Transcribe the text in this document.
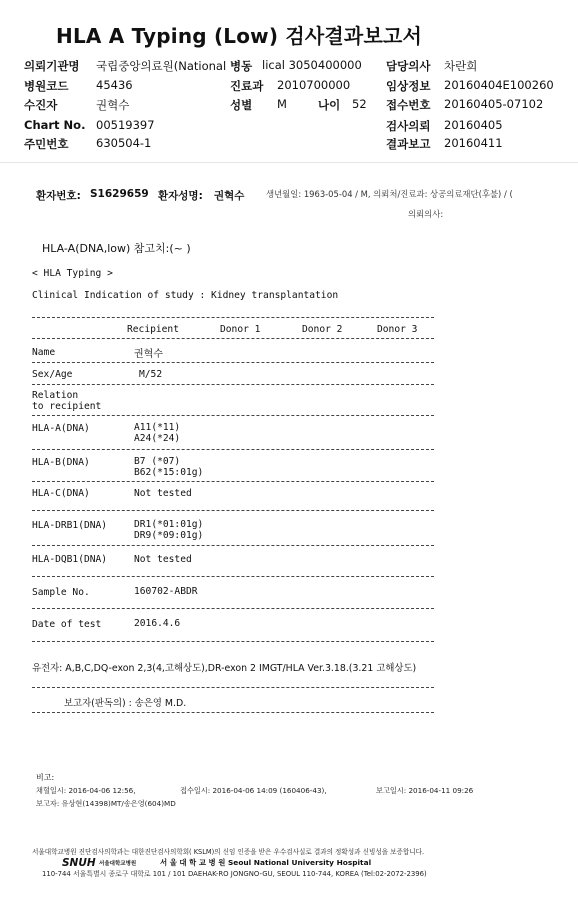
HLA A Typing (Low) 검사결과보고서
의뢰기관명 국립중앙의료원(National 병동 lical 3050400000 담당의사 차란희
병원코드 45436	진료과 2010700000	임상정보 20160404E100260
수진자	권혁수	성별 M	나이 52 접수번호 20160405-07102
Chart No. 00519397	검사의뢰 20160405
주민번호 630504-1	결과보고 20160411
환자번호: S1629659 환자성명: 권혁수	생년월일: 1963-05-04 / M, 의뢰처/진료과: 상공의료재단(후불) / (
의뢰의사:
HLA-A(DNA,low) 참고치:(~ )
< HLA Typing >
Clinical Indication of study : Kidney transplantation
Recipient	Donor 1	Donor 2	Donor 3
Name	권혁수
Sex/Age	M/52
Relation
to recipient
HLA-A(DNA)	A11(*11)
A24(*24)
HLA-B(DNA)	B7 (*07)
B62(*15:01g)
HLA-C(DNA)	Not tested
HLA-DRB1(DNA)	DR1(*01:01g)
DR9(*09:01g)
HLA-DQB1(DNA)	Not tested
Sample No.	160702-ABDR
Date of test	2016.4.6
유전자: A,B,C,DQ-exon 2,3(4,고해상도),DR-exon 2 IMGT/HLA Ver.3.18.(3.21 고해상도)
보고자(판독의) : 송은영 M.D.
비고:
채혈일시: 2016-04-06 12:56,	접수일시: 2016-04-06 14:09 (160406-43),	보고일시: 2016-04-11 09:26
보고자: 유상현(14398)MT/송은영(604)MD
서울대학교병원 진단검사의학과는 대한진단검사의학회( KSLM)의 신임 인증을 받은 우수검사실로 결과의 정확성과 신빙성을 보증합니다.
SNUH 서울대학교병원	서 울 대 학 교 병 원 Seoul National University Hospital
110-744 서울특별시 종로구 대학로 101 / 101 DAEHAK-RO JONGNO-GU, SEOUL 110-744, KOREA (Tel:02-2072-2396)
